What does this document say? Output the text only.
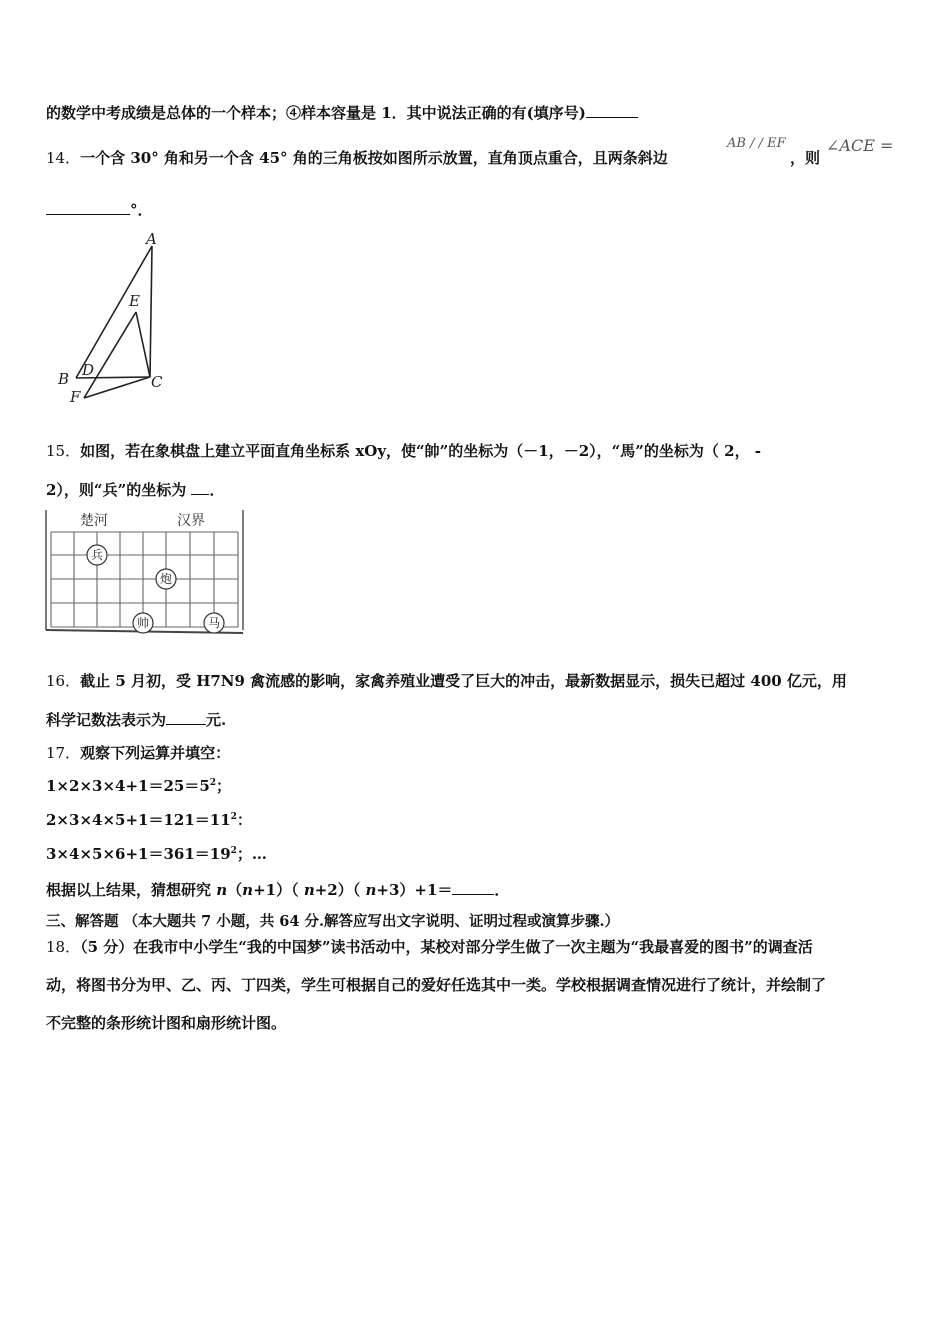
的数学中考成绩是总体的一个样本；④样本容量是 1．其中说法正确的有(填序号)
14．一个含 30° 角和另一个含 45° 角的三角板按如图所示放置，直角顶点重合，且两条斜边
AB / / EF
，则
∠ACE =
°．
A
E
B D
C
F
15．如图，若在象棋盘上建立平面直角坐标系 xOy，使“帥”的坐标为（－1，－2），“馬”的坐标为（ 2， -
2），则“兵”的坐标为 ．
楚河	汉界
兵
炮
帅	马
16．截止 5 月初，受 H7N9 禽流感的影响，家禽养殖业遭受了巨大的冲击，最新数据显示，损失已超过 400 亿元，用
科学记数法表示为	元.
17．观察下列运算并填空：
$1\times 2\times 3\times 4+1=25=5^2$；
$2\times 3\times 4\times 5+1=121=11^2$：
$3\times 4\times 5\times 6+1=361=19^2$；…
根据以上结果，猜想研究 n（n+1）（ n+2）（ n+3）+1＝	．
三、解答题 （本大题共 7 小题，共 64 分.解答应写出文字说明、证明过程或演算步骤.）
18．（5 分）在我市中小学生“我的中国梦”读书活动中，某校对部分学生做了一次主题为“我最喜爱的图书”的调查活
动，将图书分为甲、乙、丙、丁四类，学生可根据自己的爱好任选其中一类。学校根据调查情况进行了统计，并绘制了
不完整的条形统计图和扇形统计图。
